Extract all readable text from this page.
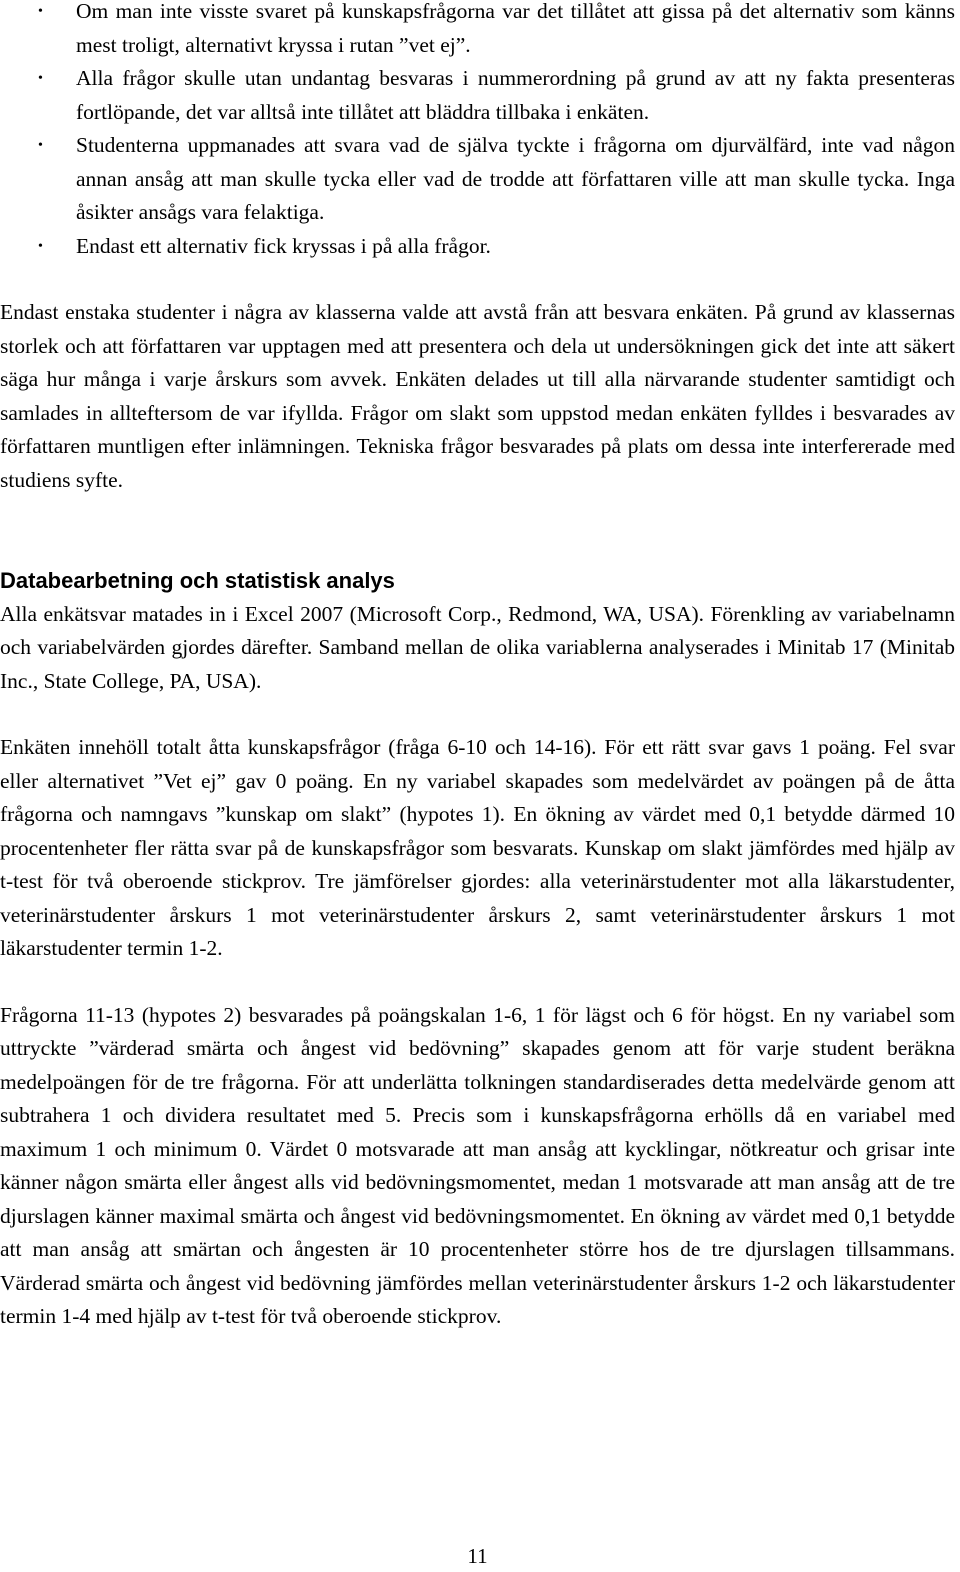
• Om man inte visste svaret på kunskapsfrågorna var det tillåtet att gissa på det alternativ som känns mest troligt, alternativt kryssa i rutan ”vet ej”.
• Alla frågor skulle utan undantag besvaras i nummerordning på grund av att ny fakta presenteras fortlöpande, det var alltså inte tillåtet att bläddra tillbaka i enkäten.
• Studenterna uppmanades att svara vad de själva tyckte i frågorna om djurvälfärd, inte vad någon annan ansåg att man skulle tycka eller vad de trodde att författaren ville att man skulle tycka. Inga åsikter ansågs vara felaktiga.
• Endast ett alternativ fick kryssas i på alla frågor.

Endast enstaka studenter i några av klasserna valde att avstå från att besvara enkäten. På grund av klassernas storlek och att författaren var upptagen med att presentera och dela ut undersökningen gick det inte att säkert säga hur många i varje årskurs som avvek. Enkäten delades ut till alla närvarande studenter samtidigt och samlades in allteftersom de var ifyllda. Frågor om slakt som uppstod medan enkäten fylldes i besvarades av författaren muntligen efter inlämningen. Tekniska frågor besvarades på plats om dessa inte interfererade med studiens syfte.

Databearbetning och statistisk analys

Alla enkätsvar matades in i Excel 2007 (Microsoft Corp., Redmond, WA, USA). Förenkling av variabelnamn och variabelvärden gjordes därefter. Samband mellan de olika variablerna analyserades i Minitab 17 (Minitab Inc., State College, PA, USA).

Enkäten innehöll totalt åtta kunskapsfrågor (fråga 6-10 och 14-16). För ett rätt svar gavs 1 poäng. Fel svar eller alternativet ”Vet ej” gav 0 poäng. En ny variabel skapades som medelvärdet av poängen på de åtta frågorna och namngavs ”kunskap om slakt” (hypotes 1). En ökning av värdet med 0,1 betydde därmed 10 procentenheter fler rätta svar på de kunskapsfrågor som besvarats. Kunskap om slakt jämfördes med hjälp av t-test för två oberoende stickprov. Tre jämförelser gjordes: alla veterinärstudenter mot alla läkarstudenter, veterinärstudenter årskurs 1 mot veterinärstudenter årskurs 2, samt veterinärstudenter årskurs 1 mot läkarstudenter termin 1-2.

Frågorna 11-13 (hypotes 2) besvarades på poängskalan 1-6, 1 för lägst och 6 för högst. En ny variabel som uttryckte ”värderad smärta och ångest vid bedövning” skapades genom att för varje student beräkna medelpoängen för de tre frågorna. För att underlätta tolkningen standardiserades detta medelvärde genom att subtrahera 1 och dividera resultatet med 5. Precis som i kunskapsfrågorna erhölls då en variabel med maximum 1 och minimum 0. Värdet 0 motsvarade att man ansåg att kycklingar, nötkreatur och grisar inte känner någon smärta eller ångest alls vid bedövningsmomentet, medan 1 motsvarade att man ansåg att de tre djurslagen känner maximal smärta och ångest vid bedövningsmomentet. En ökning av värdet med 0,1 betydde att man ansåg att smärtan och ångesten är 10 procentenheter större hos de tre djurslagen tillsammans. Värderad smärta och ångest vid bedövning jämfördes mellan veterinärstudenter årskurs 1-2 och läkarstudenter termin 1-4 med hjälp av t-test för två oberoende stickprov.

11
